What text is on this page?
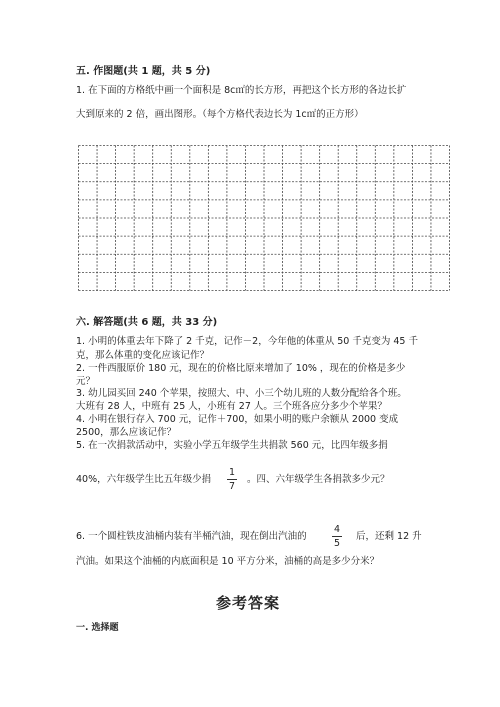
五. 作图题(共 1 题，共 5 分)
1. 在下面的方格纸中画一个面积是 8c㎡的长方形，再把这个长方形的各边长扩
大到原来的 2 倍，画出图形。（每个方格代表边长为 1c㎡的正方形）
六. 解答题(共 6 题，共 33 分)
1. 小明的体重去年下降了 2 千克，记作－2，今年他的体重从 50 千克变为 45 千
克，那么体重的变化应该记作？
2. 一件西服原价 180 元，现在的价格比原来增加了 10% ，现在的价格是多少
元？
3. 幼儿园买回 240 个苹果，按照大、中、小三个幼儿班的人数分配给各个班。
大班有 28 人，中班有 25 人，小班有 27 人。三个班各应分多少个苹果？
4. 小明在银行存入 700 元，记作＋700，如果小明的账户余额从 2000 变成
2500，那么应该记作？
5. 在一次捐款活动中，实验小学五年级学生共捐款 560 元，比四年级多捐
40%，六年级学生比五年级少捐
1
7
。四、六年级学生各捐款多少元？
6. 一个圆柱铁皮油桶内装有半桶汽油，现在倒出汽油的
4
5
后，还剩 12 升
汽油。如果这个油桶的内底面积是 10 平方分米，油桶的高是多少分米？
参考答案
一. 选择题
